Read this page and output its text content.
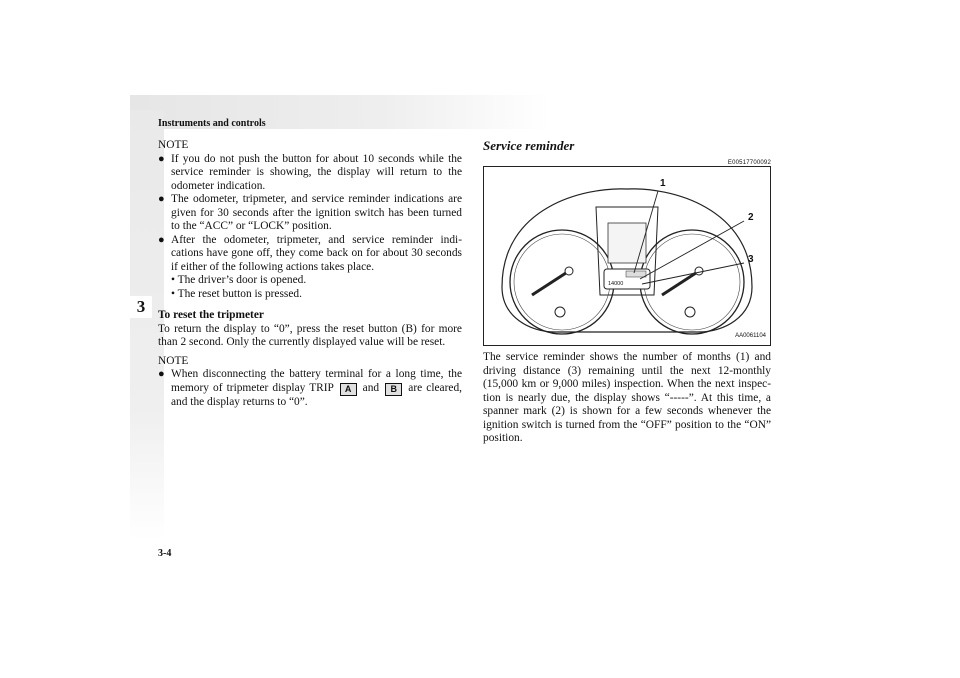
Instruments and controls
3
3-4
NOTE
● If you do not push the button for about 10 seconds while the service reminder is showing, the display will return to the odometer indication.
● The odometer, tripmeter, and service reminder indications are given for 30 seconds after the ignition switch has been turned to the “ACC” or “LOCK” position.
● After the odometer, tripmeter, and service reminder indi-cations have gone off, they come back on for about 30 seconds if either of the following actions takes place.
• The driver’s door is opened.
• The reset button is pressed.
To reset the tripmeter

To return the display to “0”, press the reset button (B) for more than 2 second. Only the currently displayed value will be reset.

NOTE
● When disconnecting the battery terminal for a long time, the memory of tripmeter display TRIP A and B are cleared, and the display returns to “0”.
Service reminder
E00517700092
1
2
3
14000
AA0061104

The service reminder shows the number of months (1) and driving distance (3) remaining until the next 12-monthly (15,000 km or 9,000 miles) inspection. When the next inspec-tion is nearly due, the display shows “-----”. At this time, a spanner mark (2) is shown for a few seconds whenever the ignition switch is turned from the “OFF” position to the “ON” position.
